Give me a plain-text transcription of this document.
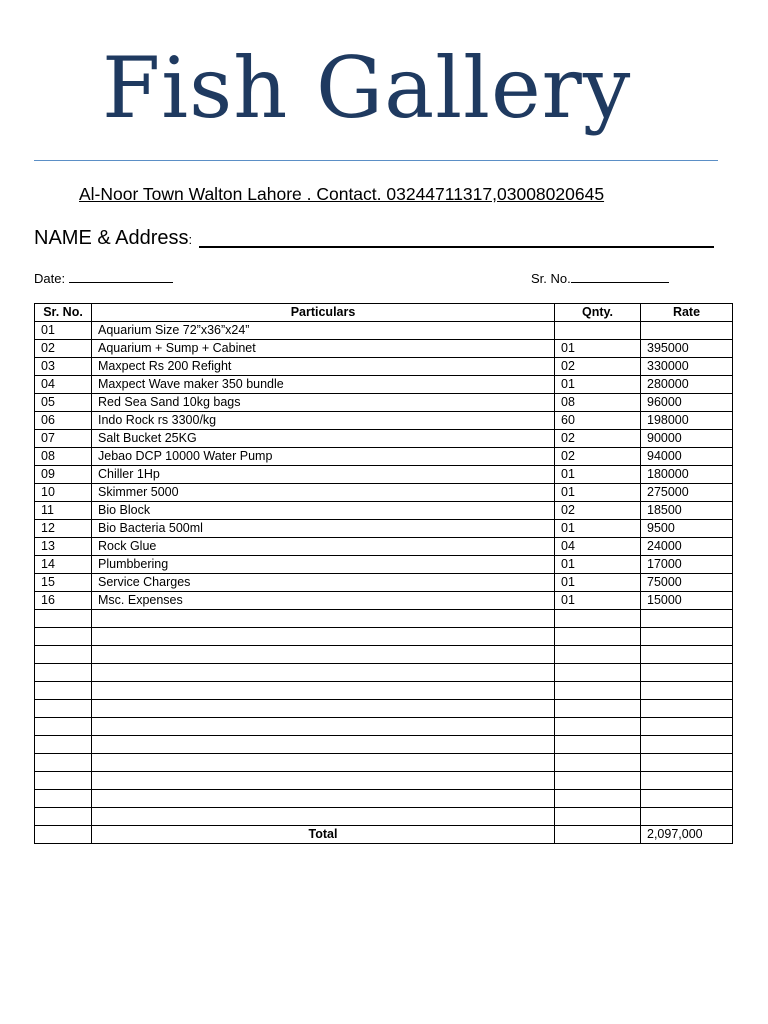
Fish Gallery
Al-Noor Town Walton Lahore . Contact. 03244711317,03008020645
NAME & Address:
Date:	Sr. No.
Sr. No.	Particulars	Qnty.	Rate
01	Aquarium Size 72”x36”x24”		
02	Aquarium + Sump + Cabinet	01	395000
03	Maxpect Rs 200 Refight	02	330000
04	Maxpect Wave maker 350 bundle	01	280000
05	Red Sea Sand 10kg bags	08	96000
06	Indo Rock rs 3300/kg	60	198000
07	Salt Bucket 25KG	02	90000
08	Jebao DCP 10000 Water Pump	02	94000
09	Chiller 1Hp	01	180000
10	Skimmer 5000	01	275000
11	Bio Block	02	18500
12	Bio Bacteria 500ml	01	9500
13	Rock Glue	04	24000
14	Plumbbering	01	17000
15	Service Charges	01	75000
16	Msc. Expenses	01	15000

	Total		2,097,000
